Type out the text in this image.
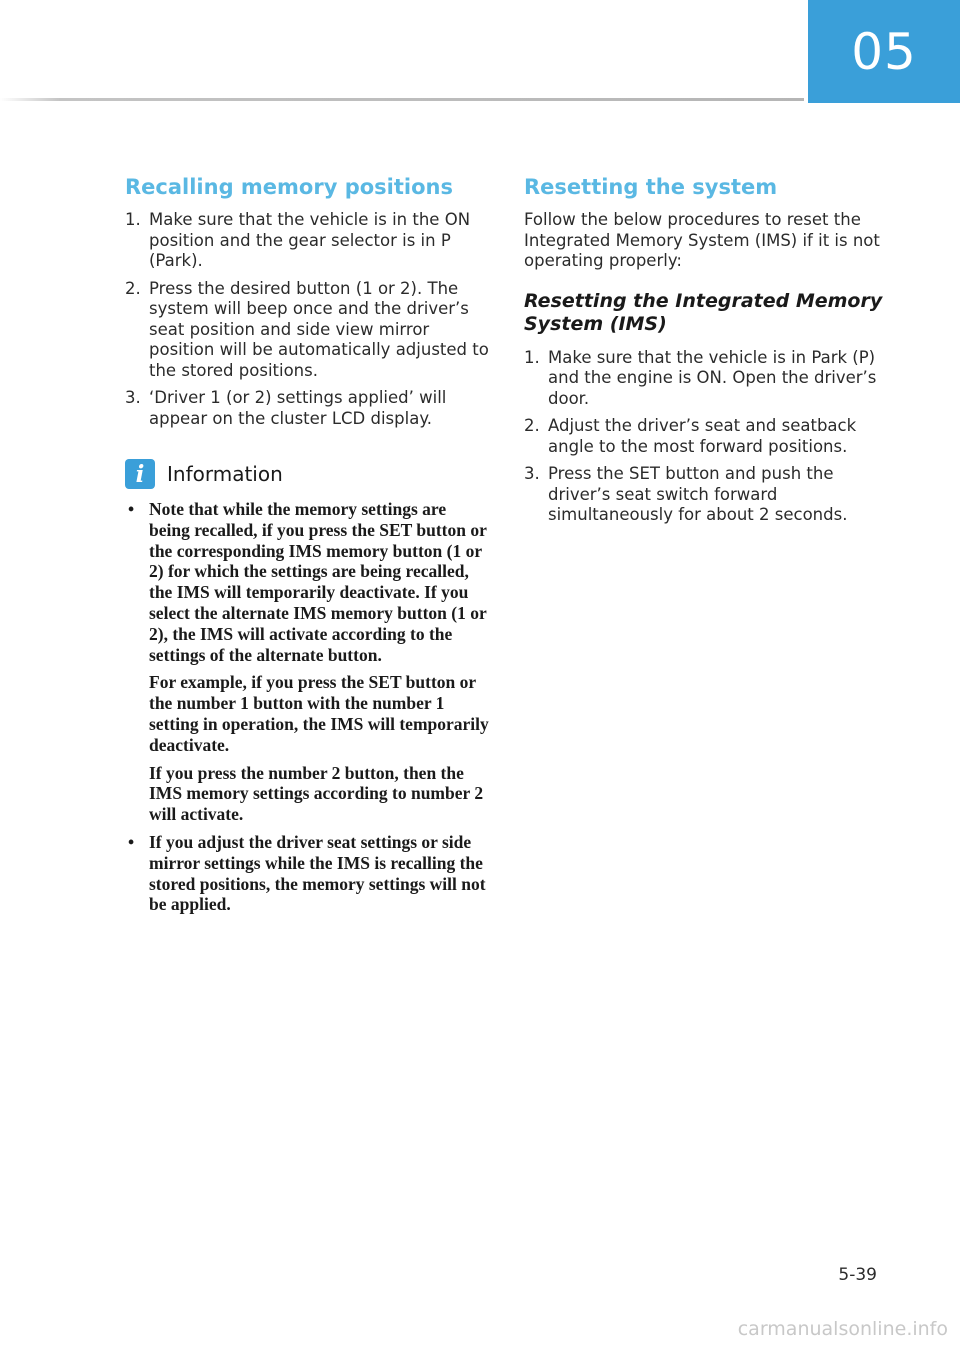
05
Recalling memory positions
1. Make sure that the vehicle is in the ON position and the gear selector is in P (Park).
2. Press the desired button (1 or 2). The system will beep once and the driver’s seat position and side view mirror position will be automatically adjusted to the stored positions.
3. ‘Driver 1 (or 2) settings applied’ will appear on the cluster LCD display.
i	Information
• Note that while the memory settings are being recalled, if you press the SET button or the corresponding IMS memory button (1 or 2) for which the settings are being recalled, the IMS will temporarily deactivate. If you select the alternate IMS memory button (1 or 2), the IMS will activate according to the settings of the alternate button.

For example, if you press the SET button or the number 1 button with the number 1 setting in operation, the IMS will temporarily deactivate.

If you press the number 2 button, then the IMS memory settings according to number 2 will activate.

• If you adjust the driver seat settings or side mirror settings while the IMS is recalling the stored positions, the memory settings will not be applied.
Resetting the system

Follow the below procedures to reset the Integrated Memory System (IMS) if it is not operating properly:

Resetting the Integrated Memory System (IMS)
1. Make sure that the vehicle is in Park (P) and the engine is ON. Open the driver’s door.
2. Adjust the driver’s seat and seatback angle to the most forward positions.
3. Press the SET button and push the driver’s seat switch forward simultaneously for about 2 seconds.
5-39
carmanualsonline.info
